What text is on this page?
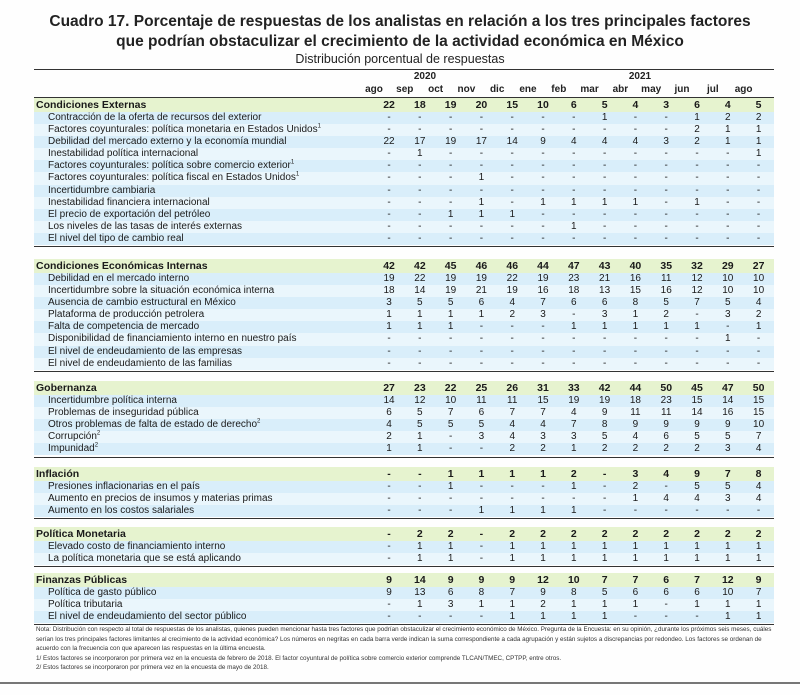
Cuadro 17. Porcentaje de respuestas de los analistas en relación a los tres principales factores
que podrían obstaculizar el crecimiento de la actividad económica en México
Distribución porcentual de respuestas
2020	2021
ago	sep	oct	nov	dic	ene	feb	mar	abr	may	jun	jul	ago
Condiciones Externas	22	18	19	20	15	10	6	5	4	3	6	4	5
Contracción de la oferta de recursos del exterior	-	-	-	-	-	-	-	1	-	-	1	2	2
Factores coyunturales: política monetaria en Estados Unidos$^1$	-	-	-	-	-	-	-	-	-	-	2	1	1
Debilidad del mercado externo y la economía mundial	22	17	19	17	14	9	4	4	4	3	2	1	1
Inestabilidad política internacional	-	1	-	-	-	-	-	-	-	-	-	-	1
Factores coyunturales: política sobre comercio exterior$^1$	-	-	-	-	-	-	-	-	-	-	-	-	-
Factores coyunturales: política fiscal en Estados Unidos$^1$	-	-	-	1	-	-	-	-	-	-	-	-	-
Incertidumbre cambiaria	-	-	-	-	-	-	-	-	-	-	-	-	-
Inestabilidad financiera internacional	-	-	-	1	-	1	1	1	1	-	1	-	-
El precio de exportación del petróleo	-	-	1	1	1	-	-	-	-	-	-	-	-
Los niveles de las tasas de interés externas	-	-	-	-	-	-	1	-	-	-	-	-	-
El nivel del tipo de cambio real	-	-	-	-	-	-	-	-	-	-	-	-	-
Condiciones Económicas Internas	42	42	45	46	46	44	47	43	40	35	32	29	27
Debilidad en el mercado interno	19	22	19	19	22	19	23	21	16	11	12	10	10
Incertidumbre sobre la situación económica interna	18	14	19	21	19	16	18	13	15	16	12	10	10
Ausencia de cambio estructural en México	3	5	5	6	4	7	6	6	8	5	7	5	4
Plataforma de producción petrolera	1	1	1	1	2	3	-	3	1	2	-	3	2
Falta de competencia de mercado	1	1	1	-	-	-	1	1	1	1	1	-	1
Disponibilidad de financiamiento interno en nuestro país	-	-	-	-	-	-	-	-	-	-	-	1	-
El nivel de endeudamiento de las empresas	-	-	-	-	-	-	-	-	-	-	-	-	-
El nivel de endeudamiento de las familias	-	-	-	-	-	-	-	-	-	-	-	-	-
Gobernanza	27	23	22	25	26	31	33	42	44	50	45	47	50
Incertidumbre política interna	14	12	10	11	11	15	19	19	18	23	15	14	15
Problemas de inseguridad pública	6	5	7	6	7	7	4	9	11	11	14	16	15
Otros problemas de falta de estado de derecho$^2$	4	5	5	5	4	4	7	8	9	9	9	9	10
Corrupción$^2$	2	1	-	3	4	3	3	5	4	6	5	5	7
Impunidad$^2$	1	1	-	-	2	2	1	2	2	2	2	3	4
Inflación	-	-	1	1	1	1	2	-	3	4	9	7	8
Presiones inflacionarias en el país	-	-	1	-	-	-	1	-	2	-	5	5	4
Aumento en precios de insumos y materias primas	-	-	-	-	-	-	-	-	1	4	4	3	4
Aumento en los costos salariales	-	-	-	1	1	1	1	-	-	-	-	-	-
Política Monetaria	-	2	2	-	2	2	2	2	2	2	2	2	2
Elevado costo de financiamiento interno	-	1	1	-	1	1	1	1	1	1	1	1	1
La política monetaria que se está aplicando	-	1	1	-	1	1	1	1	1	1	1	1	1
Finanzas Públicas	9	14	9	9	9	12	10	7	7	6	7	12	9
Política de gasto público	9	13	6	8	7	9	8	5	6	6	6	10	7
Política tributaria	-	1	3	1	1	2	1	1	1	-	1	1	1
El nivel de endeudamiento del sector público	-	-	-	-	1	1	1	1	-	-	-	1	1
Nota: Distribución con respecto al total de respuestas de los analistas, quienes pueden mencionar hasta tres factores que podrían obstaculizar el crecimiento económico de México. Pregunta de la Encuesta: en su opinión, ¿durante los próximos seis meses, cuáles serían los tres principales factores limitantes al crecimiento de la actividad económica? Los números en negritas en cada barra verde indican la suma correspondiente a cada agrupación y están sujetos a discrepancias por redondeo. Los factores se ordenan de acuerdo con la frecuencia con que aparecen las respuestas en la última encuesta.
1/ Estos factores se incorporaron por primera vez en la encuesta de febrero de 2018. El factor coyuntural de política sobre comercio exterior comprende TLCAN/TMEC, CPTPP, entre otros.
2/ Estos factores se incorporaron por primera vez en la encuesta de mayo de 2018.
